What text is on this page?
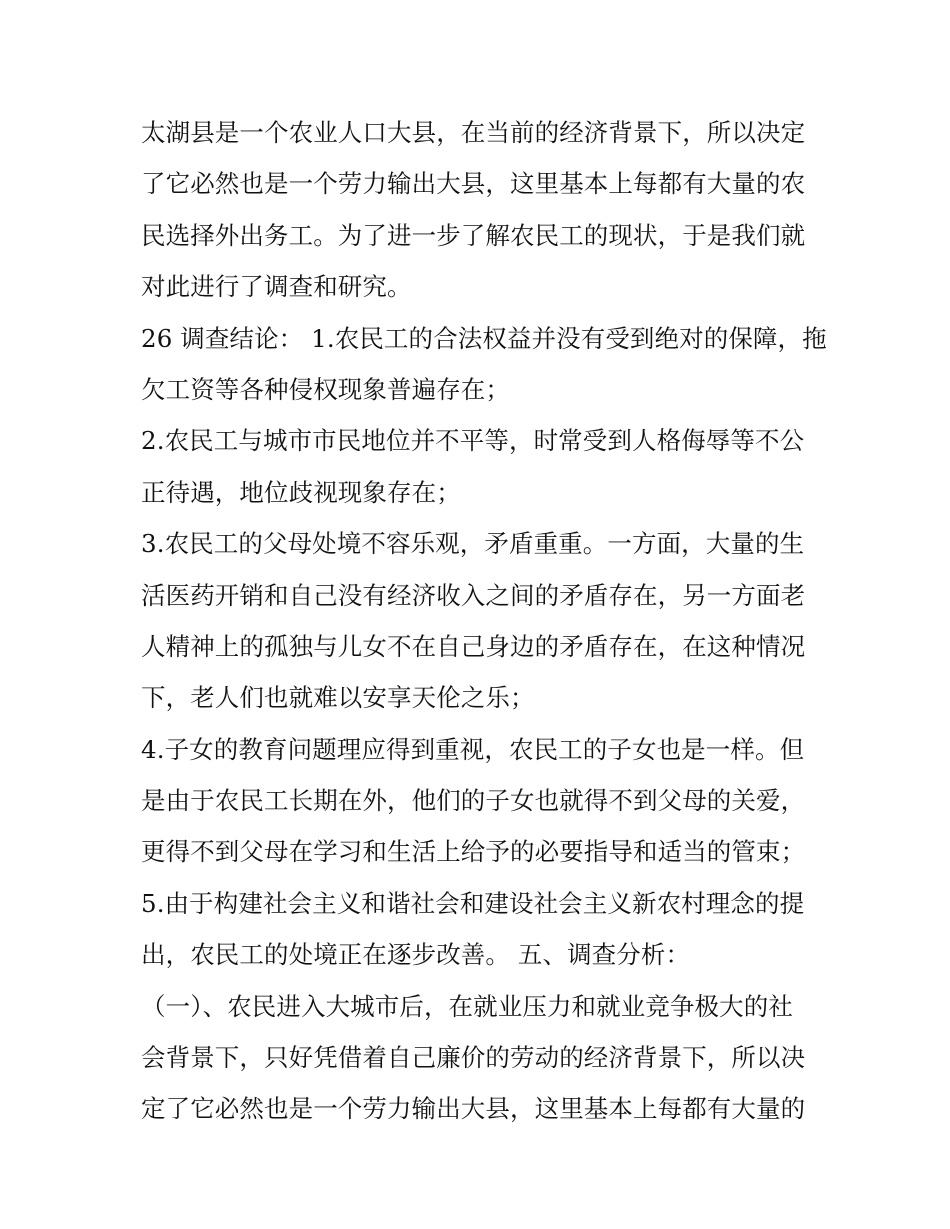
太湖县是一个农业人口大县，在当前的经济背景下，所以决定
了它必然也是一个劳力输出大县，这里基本上每都有大量的农
民选择外出务工。为了进一步了解农民工的现状，于是我们就
对此进行了调查和研究。
26 调查结论： 1.农民工的合法权益并没有受到绝对的保障，拖
欠工资等各种侵权现象普遍存在；
2.农民工与城市市民地位并不平等，时常受到人格侮辱等不公
正待遇，地位歧视现象存在；
3.农民工的父母处境不容乐观，矛盾重重。一方面，大量的生
活医药开销和自己没有经济收入之间的矛盾存在，另一方面老
人精神上的孤独与儿女不在自己身边的矛盾存在，在这种情况
下，老人们也就难以安享天伦之乐；
4.子女的教育问题理应得到重视，农民工的子女也是一样。但
是由于农民工长期在外，他们的子女也就得不到父母的关爱，
更得不到父母在学习和生活上给予的必要指导和适当的管束；
5.由于构建社会主义和谐社会和建设社会主义新农村理念的提
出，农民工的处境正在逐步改善。 五、调查分析：
（一）、农民进入大城市后，在就业压力和就业竞争极大的社
会背景下，只好凭借着自己廉价的劳动的经济背景下，所以决
定了它必然也是一个劳力输出大县，这里基本上每都有大量的
